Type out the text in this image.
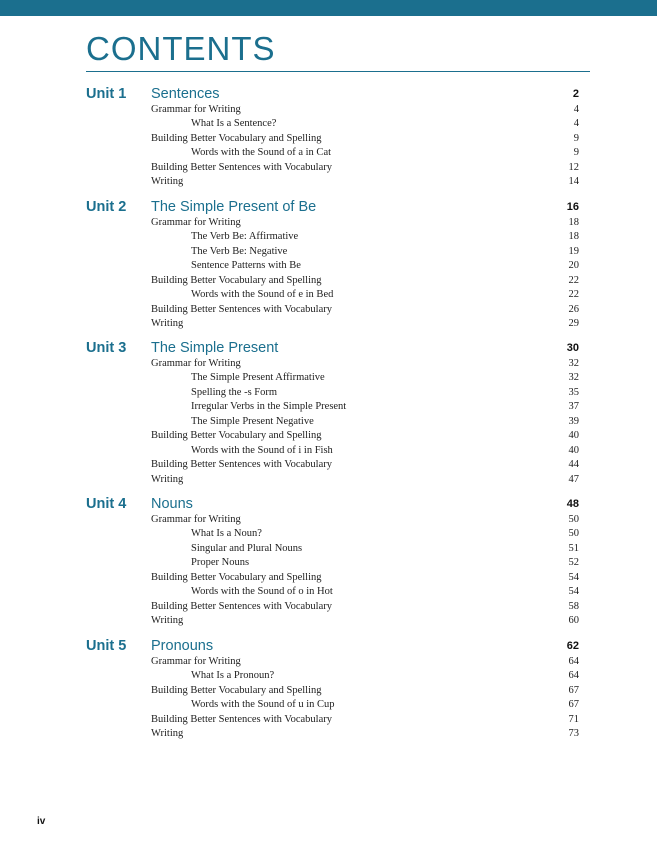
CONTENTS
Unit 1 Sentences	2
Grammar for Writing	4
What Is a Sentence?	4
Building Better Vocabulary and Spelling	9
Words with the Sound of a in Cat	9
Building Better Sentences with Vocabulary	12
Writing	14
Unit 2 The Simple Present of Be	16
Grammar for Writing	18
The Verb Be: Affirmative	18
The Verb Be: Negative	19
Sentence Patterns with Be	20
Building Better Vocabulary and Spelling	22
Words with the Sound of e in Bed	22
Building Better Sentences with Vocabulary	26
Writing	29
Unit 3 The Simple Present	30
Grammar for Writing	32
The Simple Present Affirmative	32
Spelling the -s Form	35
Irregular Verbs in the Simple Present	37
The Simple Present Negative	39
Building Better Vocabulary and Spelling	40
Words with the Sound of i in Fish	40
Building Better Sentences with Vocabulary	44
Writing	47
Unit 4 Nouns	48
Grammar for Writing	50
What Is a Noun?	50
Singular and Plural Nouns	51
Proper Nouns	52
Building Better Vocabulary and Spelling	54
Words with the Sound of o in Hot	54
Building Better Sentences with Vocabulary	58
Writing	60
Unit 5 Pronouns	62
Grammar for Writing	64
What Is a Pronoun?	64
Building Better Vocabulary and Spelling	67
Words with the Sound of u in Cup	67
Building Better Sentences with Vocabulary	71
Writing	73
iv
